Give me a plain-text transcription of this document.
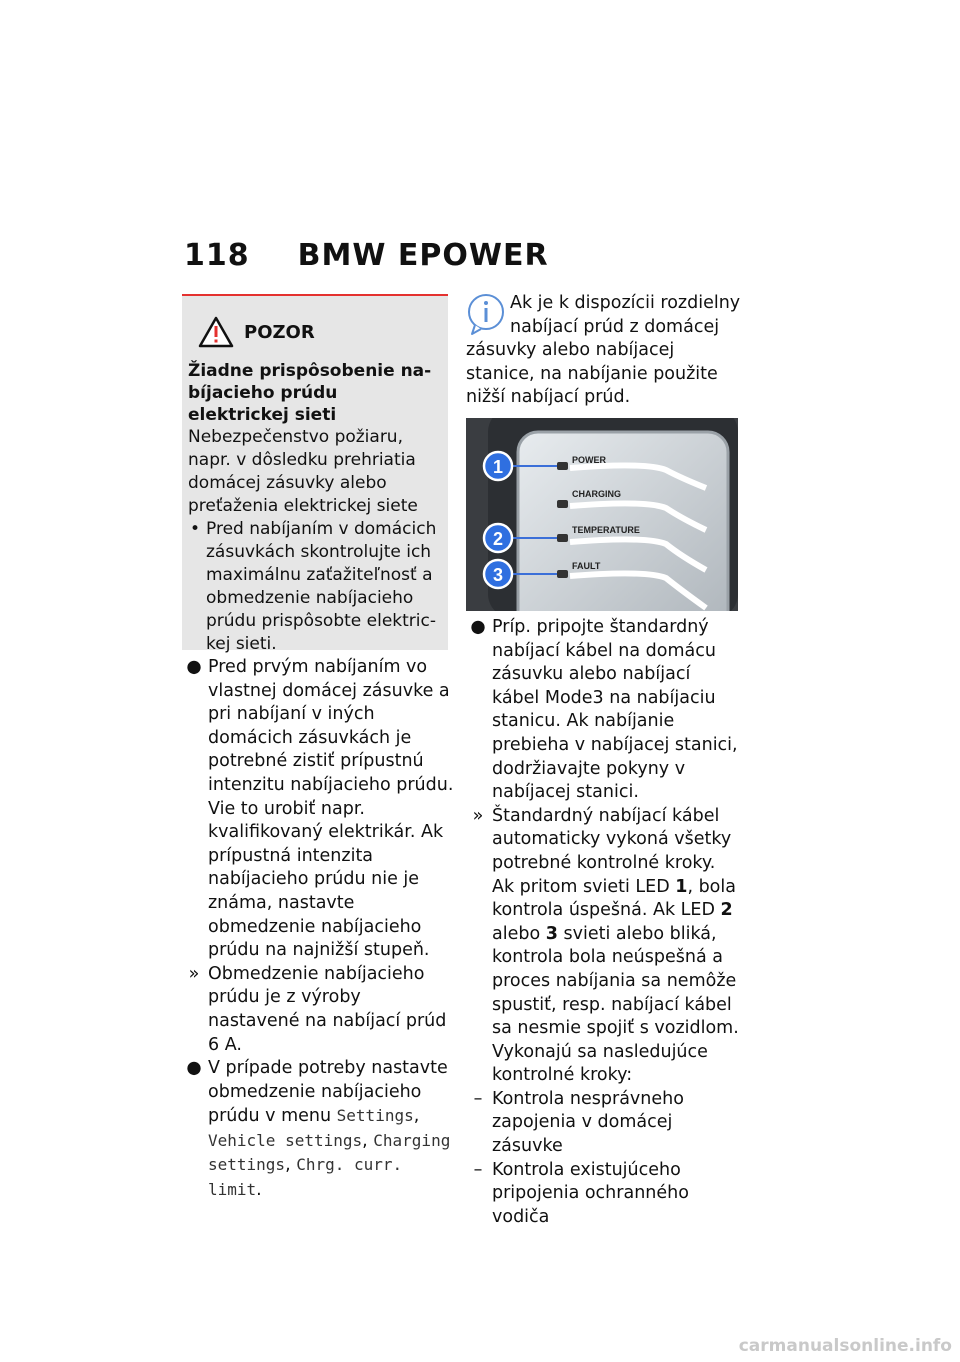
118 BMW EPOWER
POZOR
Žiadne prispôsobenie nabíjacieho prúdu elektrickej sieti
Nebezpečenstvo požiaru, napr. v dôsledku prehriatia domácej zásuvky alebo preťaženia elektrickej siete
• Pred nabíjaním v domácich zásuvkách skontrolujte ich maximálnu zaťažiteľnosť a obmedzenie nabíjacieho prúdu prispôsobte elektrickej sieti.
● Pred prvým nabíjaním vo vlastnej domácej zásuvke a pri nabíjaní v iných domácich zásuvkách je potrebné zistiť prípustnú intenzitu nabíjacieho prúdu. Vie to urobiť napr. kvalifikovaný elektrikár. Ak prípustná intenzita nabíjacieho prúdu nie je známa, nastavte obmedzenie nabíjacieho prúdu na najnižší stupeň.
» Obmedzenie nabíjacieho prúdu je z výroby nastavené na nabíjací prúd 6 A.
● V prípade potreby nastavte obmedzenie nabíjacieho prúdu v menu Settings, Vehicle settings, Charging settings, Chrg. curr. limit.
Ak je k dispozícii rozdielny nabíjací prúd z domácej zásuvky alebo nabíjacej stanice, na nabíjanie použite nižší nabíjací prúd.
POWER
CHARGING
TEMPERATURE
FAULT
1
2
3
● Príp. pripojte štandardný nabíjací kábel na domácu zásuvku alebo nabíjací kábel Mode3 na nabíjaciu stanicu. Ak nabíjanie prebieha v nabíjacej stanici, dodržiavajte pokyny v nabíjacej stanici.
» Štandardný nabíjací kábel automaticky vykoná všetky potrebné kontrolné kroky. Ak pritom svieti LED 1, bola kontrola úspešná. Ak LED 2 alebo 3 svieti alebo bliká, kontrola bola neúspešná a proces nabíjania sa nemôže spustiť, resp. nabíjací kábel sa nesmie spojiť s vozidlom. Vykonajú sa nasledujúce kontrolné kroky:
– Kontrola nesprávneho zapojenia v domácej zásuvke
– Kontrola existujúceho pripojenia ochranného vodiča
carmanualsonline.info
